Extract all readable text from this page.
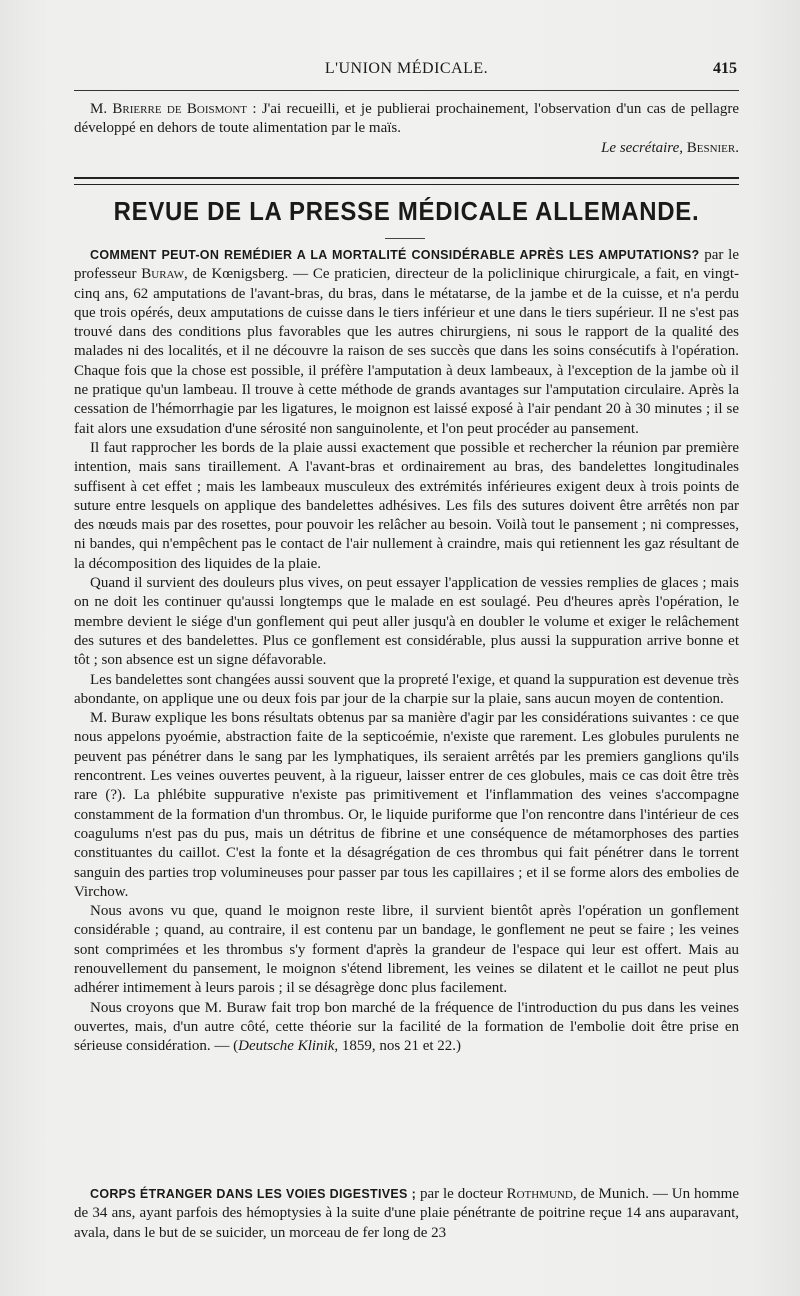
L'UNION MÉDICALE.	415

M. Brierre de Boismont : J'ai recueilli, et je publierai prochainement, l'observation d'un cas de pellagre développé en dehors de toute alimentation par le maïs.

Le secrétaire, Besnier.

REVUE DE LA PRESSE MÉDICALE ALLEMANDE.

COMMENT PEUT-ON REMÉDIER A LA MORTALITÉ CONSIDÉRABLE APRÈS LES AMPUTATIONS? par le professeur Buraw, de Kœnigsberg. — Ce praticien, directeur de la policlinique chirurgicale, a fait, en vingt-cinq ans, 62 amputations de l'avant-bras, du bras, dans le métatarse, de la jambe et de la cuisse, et n'a perdu que trois opérés, deux amputations de cuisse dans le tiers inférieur et une dans le tiers supérieur. Il ne s'est pas trouvé dans des conditions plus favorables que les autres chirurgiens, ni sous le rapport de la qualité des malades ni des localités, et il ne découvre la raison de ses succès que dans les soins consécutifs à l'opération. Chaque fois que la chose est possible, il préfère l'amputation à deux lambeaux, à l'exception de la jambe où il ne pratique qu'un lambeau. Il trouve à cette méthode de grands avantages sur l'amputation circulaire. Après la cessation de l'hémorrhagie par les ligatures, le moignon est laissé exposé à l'air pendant 20 à 30 minutes ; il se fait alors une exsudation d'une sérosité non sanguinolente, et l'on peut procéder au pansement.

Il faut rapprocher les bords de la plaie aussi exactement que possible et rechercher la réunion par première intention, mais sans tiraillement. A l'avant-bras et ordinairement au bras, des bandelettes longitudinales suffisent à cet effet ; mais les lambeaux musculeux des extrémités inférieures exigent deux à trois points de suture entre lesquels on applique des bandelettes adhésives. Les fils des sutures doivent être arrêtés non par des nœuds mais par des rosettes, pour pouvoir les relâcher au besoin. Voilà tout le pansement ; ni compresses, ni bandes, qui n'empêchent pas le contact de l'air nullement à craindre, mais qui retiennent les gaz résultant de la décomposition des liquides de la plaie.

Quand il survient des douleurs plus vives, on peut essayer l'application de vessies remplies de glaces ; mais on ne doit les continuer qu'aussi longtemps que le malade en est soulagé. Peu d'heures après l'opération, le membre devient le siége d'un gonflement qui peut aller jusqu'à en doubler le volume et exiger le relâchement des sutures et des bandelettes. Plus ce gonflement est considérable, plus aussi la suppuration arrive bonne et tôt ; son absence est un signe défavorable.

Les bandelettes sont changées aussi souvent que la propreté l'exige, et quand la suppuration est devenue très abondante, on applique une ou deux fois par jour de la charpie sur la plaie, sans aucun moyen de contention.

M. Buraw explique les bons résultats obtenus par sa manière d'agir par les considérations suivantes : ce que nous appelons pyoémie, abstraction faite de la septicoémie, n'existe que rarement. Les globules purulents ne peuvent pas pénétrer dans le sang par les lymphatiques, ils seraient arrêtés par les premiers ganglions qu'ils rencontrent. Les veines ouvertes peuvent, à la rigueur, laisser entrer de ces globules, mais ce cas doit être très rare (?). La phlébite suppurative n'existe pas primitivement et l'inflammation des veines s'accompagne constamment de la formation d'un thrombus. Or, le liquide puriforme que l'on rencontre dans l'intérieur de ces coagulums n'est pas du pus, mais un détritus de fibrine et une conséquence de métamorphoses des parties constituantes du caillot. C'est la fonte et la désagrégation de ces thrombus qui fait pénétrer dans le torrent sanguin des parties trop volumineuses pour passer par tous les capillaires ; et il se forme alors des embolies de Virchow.

Nous avons vu que, quand le moignon reste libre, il survient bientôt après l'opération un gonflement considérable ; quand, au contraire, il est contenu par un bandage, le gonflement ne peut se faire ; les veines sont comprimées et les thrombus s'y forment d'après la grandeur de l'espace qui leur est offert. Mais au renouvellement du pansement, le moignon s'étend librement, les veines se dilatent et le caillot ne peut plus adhérer intimement à leurs parois ; il se désagrège donc plus facilement.

Nous croyons que M. Buraw fait trop bon marché de la fréquence de l'introduction du pus dans les veines ouvertes, mais, d'un autre côté, cette théorie sur la facilité de la formation de l'embolie doit être prise en sérieuse considération. — (Deutsche Klinik, 1859, nos 21 et 22.)

CORPS ÉTRANGER DANS LES VOIES DIGESTIVES ; par le docteur Rothmund, de Munich. — Un homme de 34 ans, ayant parfois des hémoptysies à la suite d'une plaie pénétrante de poitrine reçue 14 ans auparavant, avala, dans le but de se suicider, un morceau de fer long de 23
